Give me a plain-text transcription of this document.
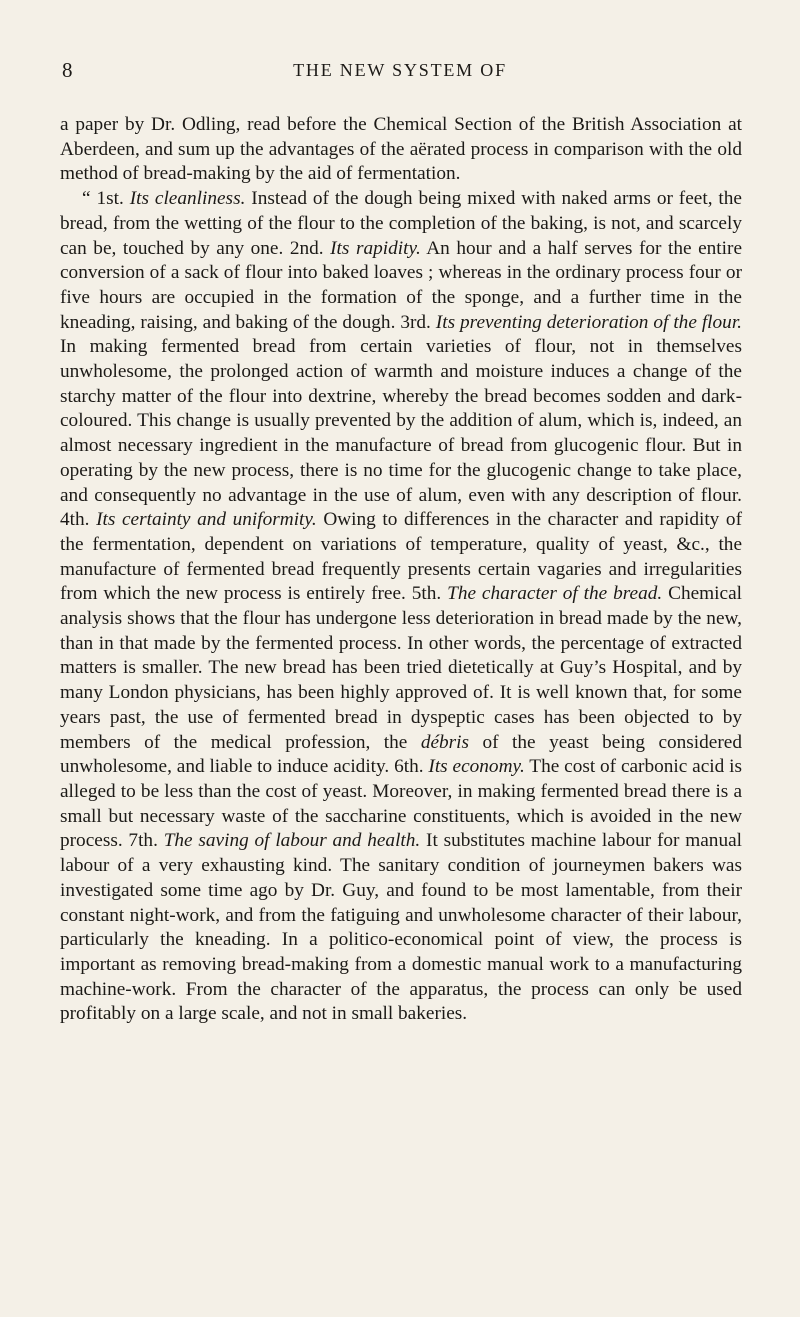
8	THE NEW SYSTEM OF

a paper by Dr. Odling, read before the Chemical Section of the British Association at Aberdeen, and sum up the advantages of the aërated process in comparison with the old method of bread-making by the aid of fermentation.

“ 1st. Its cleanliness. Instead of the dough being mixed with naked arms or feet, the bread, from the wetting of the flour to the completion of the baking, is not, and scarcely can be, touched by any one. 2nd. Its rapidity. An hour and a half serves for the entire conversion of a sack of flour into baked loaves ; whereas in the ordinary process four or five hours are occupied in the formation of the sponge, and a further time in the kneading, raising, and baking of the dough. 3rd. Its preventing deterioration of the flour. In making fermented bread from certain varieties of flour, not in themselves unwholesome, the prolonged action of warmth and moisture induces a change of the starchy matter of the flour into dextrine, whereby the bread becomes sodden and dark-coloured. This change is usually prevented by the addition of alum, which is, indeed, an almost necessary ingredient in the manufacture of bread from glucogenic flour. But in operating by the new process, there is no time for the glucogenic change to take place, and consequently no advantage in the use of alum, even with any description of flour. 4th. Its certainty and uniformity. Owing to differences in the character and rapidity of the fermentation, dependent on variations of temperature, quality of yeast, &c., the manufacture of fermented bread frequently presents certain vagaries and irregularities from which the new process is entirely free. 5th. The character of the bread. Chemical analysis shows that the flour has undergone less deterioration in bread made by the new, than in that made by the fermented process. In other words, the percentage of extracted matters is smaller. The new bread has been tried dietetically at Guy’s Hospital, and by many London physicians, has been highly approved of. It is well known that, for some years past, the use of fermented bread in dyspeptic cases has been objected to by members of the medical profession, the débris of the yeast being considered unwholesome, and liable to induce acidity. 6th. Its economy. The cost of carbonic acid is alleged to be less than the cost of yeast. Moreover, in making fermented bread there is a small but necessary waste of the saccharine constituents, which is avoided in the new process. 7th. The saving of labour and health. It substitutes machine labour for manual labour of a very exhausting kind. The sanitary condition of journeymen bakers was investigated some time ago by Dr. Guy, and found to be most lamentable, from their constant night-work, and from the fatiguing and unwholesome character of their labour, particularly the kneading. In a politico-economical point of view, the process is important as removing bread-making from a domestic manual work to a manufacturing machine-work. From the character of the apparatus, the process can only be used profitably on a large scale, and not in small bakeries.
